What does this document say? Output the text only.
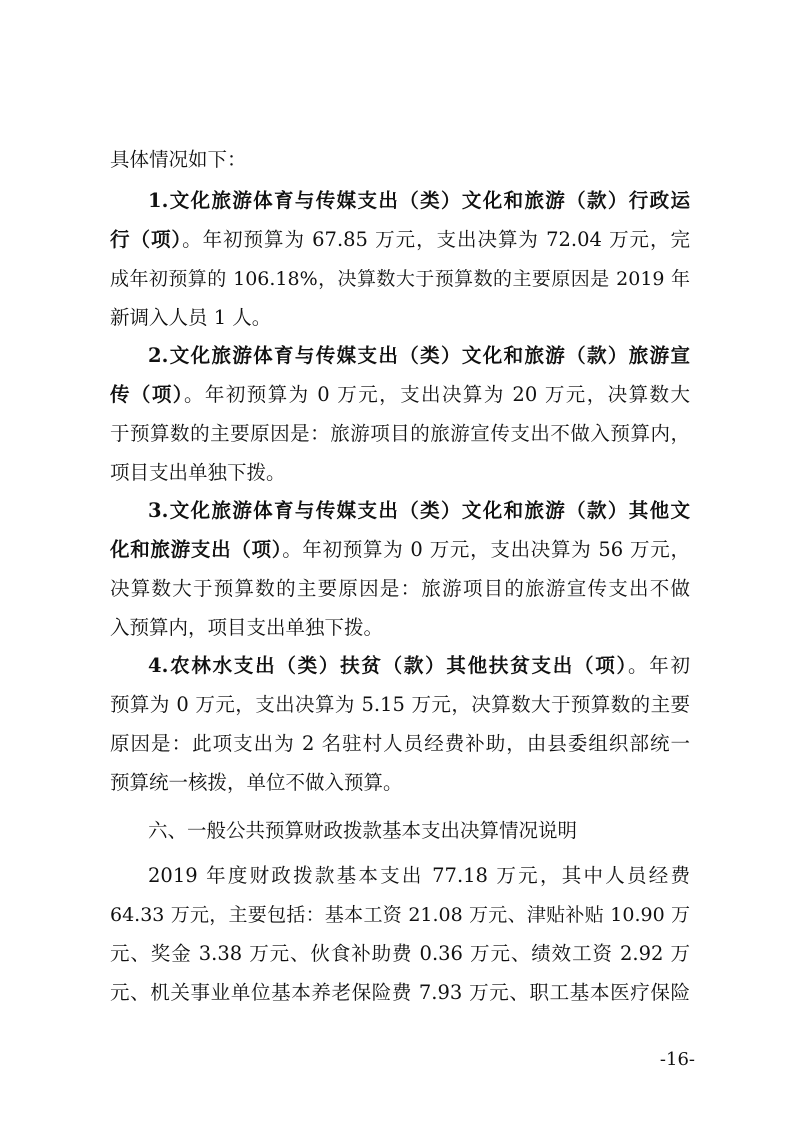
具体情况如下：
1.文化旅游体育与传媒支出（类）文化和旅游（款）行政运
行（项）。年初预算为 67.85 万元，支出决算为 72.04 万元，完
成年初预算的 106.18%，决算数大于预算数的主要原因是 2019 年
新调入人员 1 人。
2.文化旅游体育与传媒支出（类）文化和旅游（款）旅游宣
传（项）。年初预算为 0 万元，支出决算为 20 万元，决算数大
于预算数的主要原因是：旅游项目的旅游宣传支出不做入预算内，
项目支出单独下拨。
3.文化旅游体育与传媒支出（类）文化和旅游（款）其他文
化和旅游支出（项）。年初预算为 0 万元，支出决算为 56 万元，
决算数大于预算数的主要原因是：旅游项目的旅游宣传支出不做
入预算内，项目支出单独下拨。
4.农林水支出（类）扶贫（款）其他扶贫支出（项）。年初
预算为 0 万元，支出决算为 5.15 万元，决算数大于预算数的主要
原因是：此项支出为 2 名驻村人员经费补助，由县委组织部统一
预算统一核拨，单位不做入预算。
六、一般公共预算财政拨款基本支出决算情况说明
2019 年度财政拨款基本支出 77.18 万元，其中人员经费
64.33 万元，主要包括：基本工资 21.08 万元、津贴补贴 10.90 万
元、奖金 3.38 万元、伙食补助费 0.36 万元、绩效工资 2.92 万
元、机关事业单位基本养老保险费 7.93 万元、职工基本医疗保险
-16-
